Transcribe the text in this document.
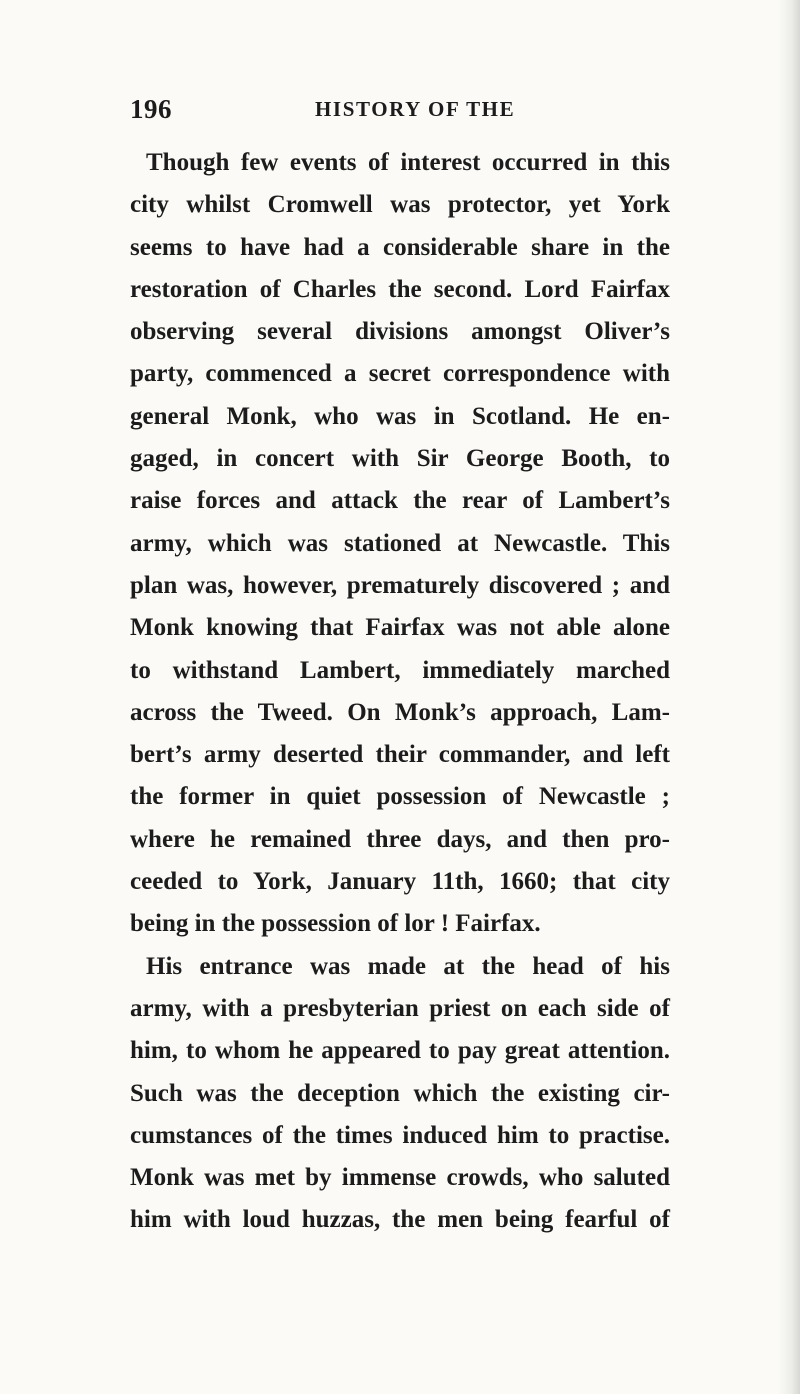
196	HISTORY OF THE
Though few events of interest occurred in this
city whilst Cromwell was protector, yet York
seems to have had a considerable share in the
restoration of Charles the second. Lord Fairfax
observing several divisions amongst Oliver’s
party, commenced a secret correspondence with
general Monk, who was in Scotland. He en-
gaged, in concert with Sir George Booth, to
raise forces and attack the rear of Lambert’s
army, which was stationed at Newcastle. This
plan was, however, prematurely discovered ; and
Monk knowing that Fairfax was not able alone
to withstand Lambert, immediately marched
across the Tweed. On Monk’s approach, Lam-
bert’s army deserted their commander, and left
the former in quiet possession of Newcastle ;
where he remained three days, and then pro-
ceeded to York, January 11th, 1660; that city
being in the possession of lor ! Fairfax.
His entrance was made at the head of his
army, with a presbyterian priest on each side of
him, to whom he appeared to pay great attention.
Such was the deception which the existing cir-
cumstances of the times induced him to practise.
Monk was met by immense crowds, who saluted
him with loud huzzas, the men being fearful of
